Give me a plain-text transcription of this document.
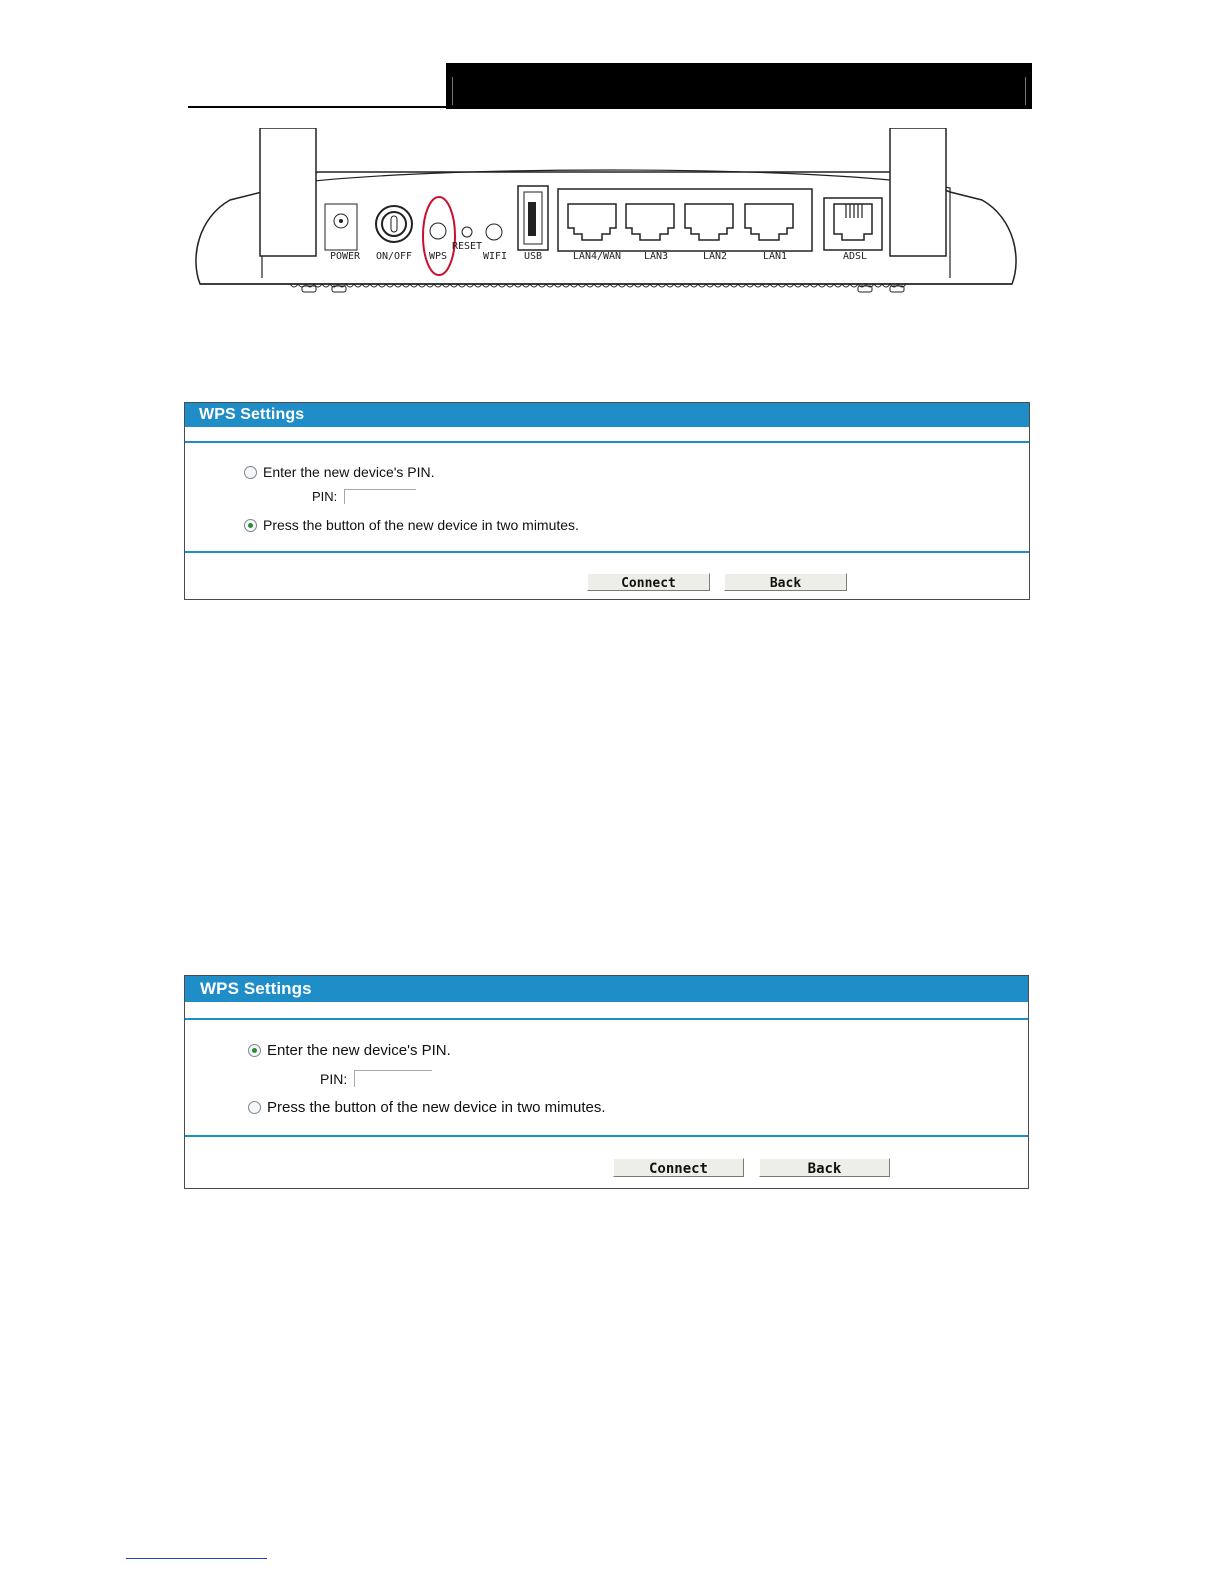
POWER ON/OFF WPS
RESET
WIFI USB	LAN4/WAN LAN3	LAN2	LAN1	ADSL
WPS Settings
Enter the new device's PIN.
PIN:
Press the button of the new device in two mimutes.
Connect	Back
WPS Settings
Enter the new device's PIN.
PIN:
Press the button of the new device in two mimutes.
Connect	Back
